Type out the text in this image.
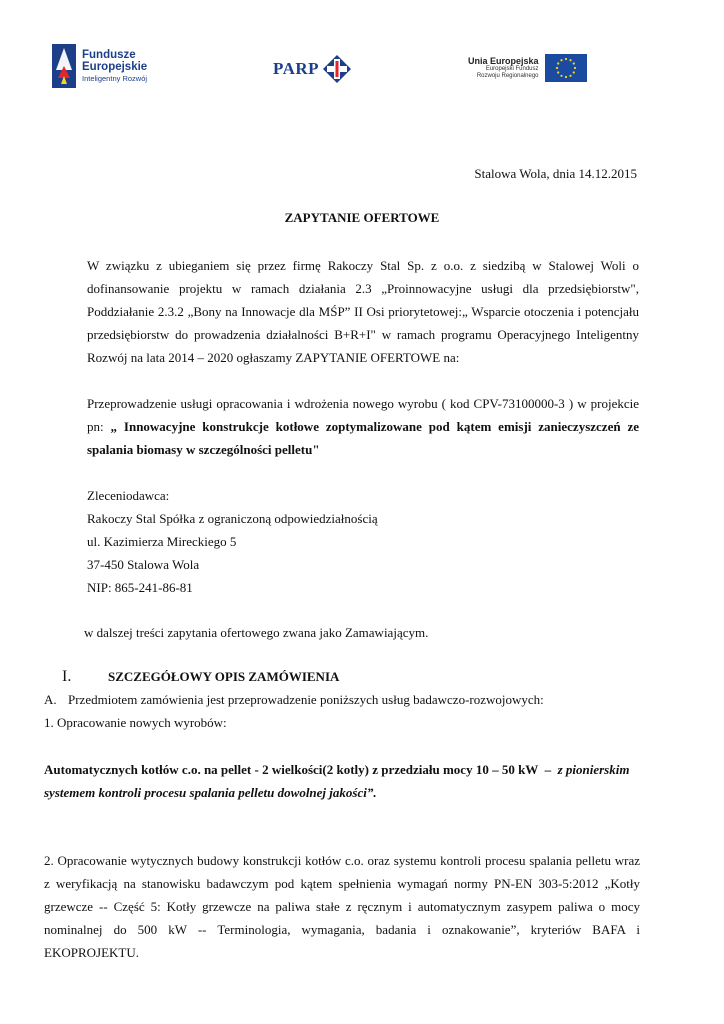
Fundusze
Europejskie
Inteligentny Rozwój
PARP	Unia Europejska
Europejski Fundusz
Rozwoju Regionalnego

Stalowa Wola, dnia 14.12.2015

ZAPYTANIE OFERTOWE

W związku z ubieganiem się przez firmę Rakoczy Stal Sp. z o.o. z siedzibą w Stalowej Woli o dofinansowanie projektu w ramach działania 2.3 „Proinnowacyjne usługi dla przedsiębiorstw", Poddziałanie 2.3.2 „Bony na Innowacje dla MŚP” II Osi priorytetowej:„ Wsparcie otoczenia i potencjału przedsiębiorstw do prowadzenia działalności B+R+I" w ramach programu Operacyjnego Inteligentny Rozwój na lata 2014 – 2020 ogłaszamy ZAPYTANIE OFERTOWE na:

Przeprowadzenie usługi opracowania i wdrożenia nowego wyrobu ( kod CPV-73100000-3 ) w projekcie pn: „ Innowacyjne konstrukcje kotłowe zoptymalizowane pod kątem emisji zanieczyszczeń ze spalania biomasy w szczególności pelletu"

Zleceniodawca:
Rakoczy Stal Spółka z ograniczoną odpowiedziałnością
ul. Kazimierza Mireckiego 5
37-450 Stalowa Wola
NIP: 865-241-86-81

w dalszej treści zapytania ofertowego zwana jako Zamawiającym.

I.	SZCZEGÓŁOWY OPIS ZAMÓWIENIA

A. Przedmiotem zamówienia jest przeprowadzenie poniższych usług badawczo-rozwojowych:

1. Opracowanie nowych wyrobów:

Automatycznych kotłów c.o. na pellet - 2 wielkości(2 kotly) z przedziału mocy 10 – 50 kW  –  z pionierskim
systemem kontroli procesu spalania pelletu dowolnej jakości”.

2. Opracowanie wytycznych budowy konstrukcji kotłów c.o. oraz systemu kontroli procesu spalania pelletu wraz z weryfikacją na stanowisku badawczym pod kątem spełnienia wymagań normy PN-EN 303-5:2012 „Kotły grzewcze -- Część 5: Kotły grzewcze na paliwa stałe z ręcznym i automatycznym zasypem paliwa o mocy nominalnej do 500 kW -- Terminologia, wymagania, badania i oznakowanie”, kryteriów BAFA i EKOPROJEKTU.
